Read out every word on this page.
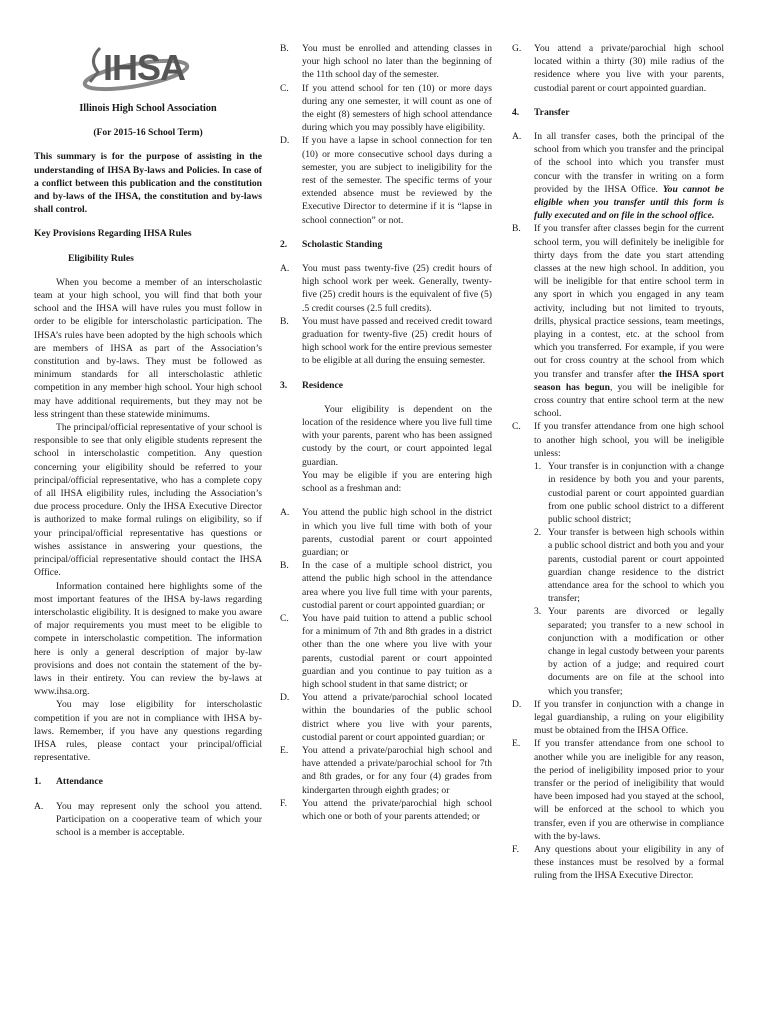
IHSA

Illinois High School Association

(For 2015-16 School Term)

This summary is for the purpose of assisting in the understanding of IHSA By-laws and Policies. In case of a conflict between this publication and the constitution and by-laws of the IHSA, the constitution and by-laws shall control.

Key Provisions Regarding IHSA Rules

Eligibility Rules

When you become a member of an interscholastic team at your high school, you will find that both your school and the IHSA will have rules you must follow in order to be eligible for interscholastic participation. The IHSA’s rules have been adopted by the high schools which are members of IHSA as part of the Association’s constitution and by-laws. They must be followed as minimum standards for all interscholastic athletic competition in any member high school. Your high school may have additional requirements, but they may not be less stringent than these statewide minimums.

The principal/official representative of your school is responsible to see that only eligible students represent the school in interscholastic competition. Any question concerning your eligibility should be referred to your principal/official representative, who has a complete copy of all IHSA eligibility rules, including the Association’s due process procedure. Only the IHSA Executive Director is authorized to make formal rulings on eligibility, so if your principal/official representative has questions or wishes assistance in answering your questions, the principal/official representative should contact the IHSA Office.

Information contained here highlights some of the most important features of the IHSA by-laws regarding interscholastic eligibility. It is designed to make you aware of major requirements you must meet to be eligible to compete in interscholastic competition. The information here is only a general description of major by-law provisions and does not contain the statement of the by-laws in their entirety. You can review the by-laws at www.ihsa.org.

You may lose eligibility for interscholastic competition if you are not in compliance with IHSA by-laws. Remember, if you have any questions regarding IHSA rules, please contact your principal/official representative.

1.	Attendance
A.	You may represent only the school you attend. Participation on a cooperative team of which your school is a member is acceptable.
B.	You must be enrolled and attending classes in your high school no later than the beginning of the 11th school day of the semester.
C.	If you attend school for ten (10) or more days during any one semester, it will count as one of the eight (8) semesters of high school attendance during which you may possibly have eligibility.
D.	If you have a lapse in school connection for ten (10) or more consecutive school days during a semester, you are subject to ineligibility for the rest of the semester. The specific terms of your extended absence must be reviewed by the Executive Director to determine if it is “lapse in school connection” or not.
2.	Scholastic Standing
A.	You must pass twenty-five (25) credit hours of high school work per week. Generally, twenty-five (25) credit hours is the equivalent of five (5) .5 credit courses (2.5 full credits).
B.	You must have passed and received credit toward graduation for twenty-five (25) credit hours of high school work for the entire previous semester to be eligible at all during the ensuing semester.
3.	Residence

Your eligibility is dependent on the location of the residence where you live full time with your parents, parent who has been assigned custody by the court, or court appointed legal guardian.

You may be eligible if you are entering high school as a freshman and:

A.	You attend the public high school in the district in which you live full time with both of your parents, custodial parent or court appointed guardian; or
B.	In the case of a multiple school district, you attend the public high school in the attendance area where you live full time with your parents, custodial parent or court appointed guardian; or
C.	You have paid tuition to attend a public school for a minimum of 7th and 8th grades in a district other than the one where you live with your parents, custodial parent or court appointed guardian and you continue to pay tuition as a high school student in that same district; or
D.	You attend a private/parochial school located within the boundaries of the public school district where you live with your parents, custodial parent or court appointed guardian; or
E.	You attend a private/parochial high school and have attended a private/parochial school for 7th and 8th grades, or for any four (4) grades from kindergarten through eighth grades; or
F.	You attend the private/parochial high school which one or both of your parents attended; or
G.	You attend a private/parochial high school located within a thirty (30) mile radius of the residence where you live with your parents, custodial parent or court appointed guardian.
4.	Transfer
A.	In all transfer cases, both the principal of the school from which you transfer and the principal of the school into which you transfer must concur with the transfer in writing on a form provided by the IHSA Office. You cannot be eligible when you transfer until this form is fully executed and on file in the school office.
B.	If you transfer after classes begin for the current school term, you will definitely be ineligible for thirty days from the date you start attending classes at the new high school. In addition, you will be ineligible for that entire school term in any sport in which you engaged in any team activity, including but not limited to tryouts, drills, physical practice sessions, team meetings, playing in a contest, etc. at the school from which you transferred. For example, if you were out for cross country at the school from which you transfer and transfer after the IHSA sport season has begun, you will be ineligible for cross country that entire school term at the new school.
C.	If you transfer attendance from one high school to another high school, you will be ineligible unless:
1. Your transfer is in conjunction with a change in residence by both you and your parents, custodial parent or court appointed guardian from one public school district to a different public school district;
2. Your transfer is between high schools within a public school district and both you and your parents, custodial parent or court appointed guardian change residence to the district attendance area for the school to which you transfer;
3. Your parents are divorced or legally separated; you transfer to a new school in conjunction with a modification or other change in legal custody between your parents by action of a judge; and required court documents are on file at the school into which you transfer;
D.	If you transfer in conjunction with a change in legal guardianship, a ruling on your eligibility must be obtained from the IHSA Office.
E.	If you transfer attendance from one school to another while you are ineligible for any reason, the period of ineligibility imposed prior to your transfer or the period of ineligibility that would have been imposed had you stayed at the school, will be enforced at the school to which you transfer, even if you are otherwise in compliance with the by-laws.
F.	Any questions about your eligibility in any of these instances must be resolved by a formal ruling from the IHSA Executive Director.
